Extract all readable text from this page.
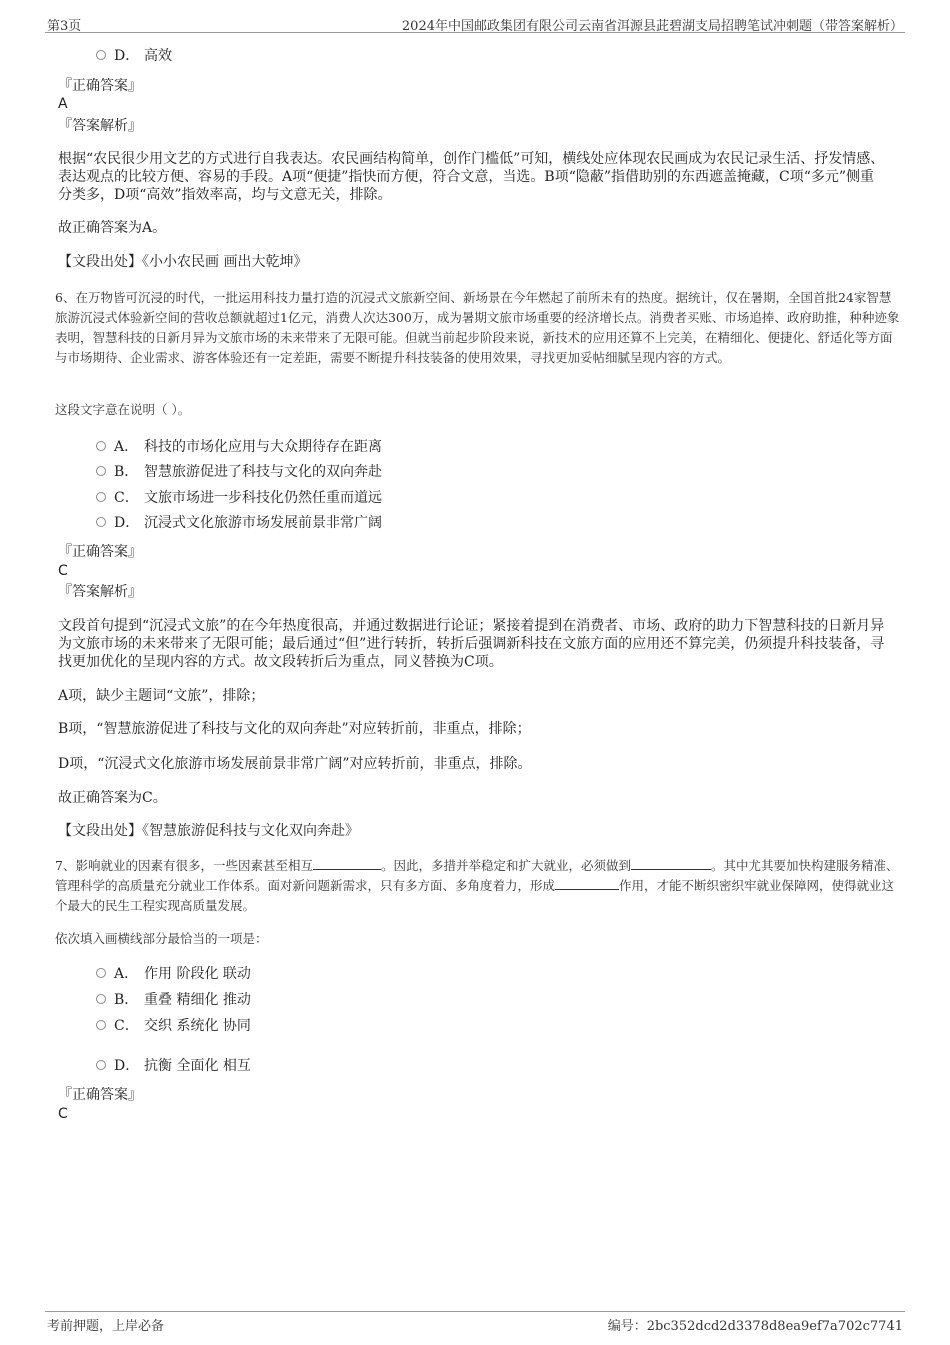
第3页	2024年中国邮政集团有限公司云南省洱源县茈碧湖支局招聘笔试冲刺题（带答案解析）
D． 高效
『正确答案』
A
『答案解析』
根据“农民很少用文艺的方式进行自我表达。农民画结构简单，创作门槛低”可知，横线处应体现农民画成为农民记录生活、抒发情感、表达观点的比较方便、容易的手段。A项“便捷”指快而方便，符合文意，当选。B项“隐蔽”指借助别的东西遮盖掩藏，C项“多元”侧重分类多，D项“高效”指效率高，均与文意无关，排除。
故正确答案为A。
【文段出处】《小小农民画 画出大乾坤》
6、在万物皆可沉浸的时代，一批运用科技力量打造的沉浸式文旅新空间、新场景在今年燃起了前所未有的热度。据统计，仅在暑期，全国首批24家智慧旅游沉浸式体验新空间的营收总额就超过1亿元，消费人次达300万，成为暑期文旅市场重要的经济增长点。消费者买账、市场追捧、政府助推，种种迹象表明，智慧科技的日新月异为文旅市场的未来带来了无限可能。但就当前起步阶段来说，新技术的应用还算不上完美，在精细化、便捷化、舒适化等方面与市场期待、企业需求、游客体验还有一定差距，需要不断提升科技装备的使用效果，寻找更加妥帖细腻呈现内容的方式。
这段文字意在说明（ ）。
A． 科技的市场化应用与大众期待存在距离
B． 智慧旅游促进了科技与文化的双向奔赴
C． 文旅市场进一步科技化仍然任重而道远
D． 沉浸式文化旅游市场发展前景非常广阔
『正确答案』
C
『答案解析』
文段首句提到“沉浸式文旅”的在今年热度很高，并通过数据进行论证；紧接着提到在消费者、市场、政府的助力下智慧科技的日新月异为文旅市场的未来带来了无限可能；最后通过“但”进行转折，转折后强调新科技在文旅方面的应用还不算完美，仍须提升科技装备，寻找更加优化的呈现内容的方式。故文段转折后为重点，同义替换为C项。
A项，缺少主题词“文旅”，排除；
B项，“智慧旅游促进了科技与文化的双向奔赴”对应转折前，非重点，排除；
D项，“沉浸式文化旅游市场发展前景非常广阔”对应转折前，非重点，排除。
故正确答案为C。
【文段出处】《智慧旅游促科技与文化双向奔赴》
7、影响就业的因素有很多，一些因素甚至相互	。因此，多措并举稳定和扩大就业，必须做到	。其中尤其要加快构建服务精准、管理科学的高质量充分就业工作体系。面对新问题新需求，只有多方面、多角度着力，形成	作用，才能不断织密织牢就业保障网，使得就业这个最大的民生工程实现高质量发展。
依次填入画横线部分最恰当的一项是：
A． 作用 阶段化 联动
B． 重叠 精细化 推动
C． 交织 系统化 协同
D． 抗衡 全面化 相互
『正确答案』
C
考前押题，上岸必备	编号：2bc352dcd2d3378d8ea9ef7a702c7741
